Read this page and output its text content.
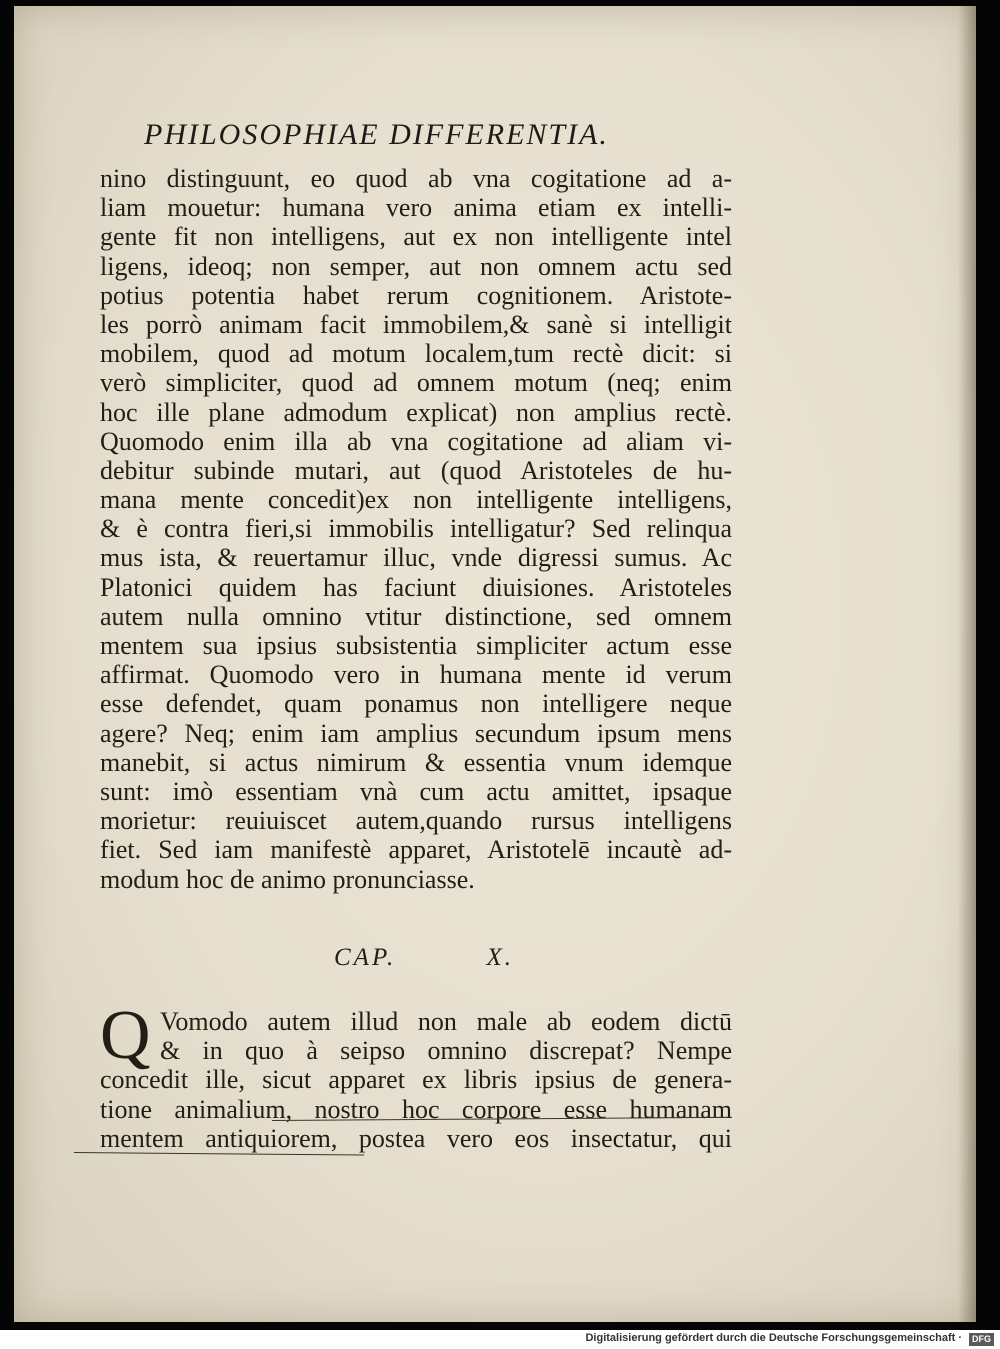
PHILOSOPHIAE DIFFERENTIA.
nino distinguunt, eo quod ab vna cogitatione ad a-
liam mouetur: humana vero anima etiam ex intelli-
gente fit non intelligens, aut ex non intelligente intel
ligens, ideoq; non semper, aut non omnem actu sed
potius potentia habet rerum cognitionem. Aristote-
les porrò animam facit immobilem,& sanè si intelligit
mobilem, quod ad motum localem,tum rectè dicit: si
verò simpliciter, quod ad omnem motum (neq; enim
hoc ille plane admodum explicat) non amplius rectè.
Quomodo enim illa ab vna cogitatione ad aliam vi-
debitur subinde mutari, aut (quod Aristoteles de hu-
mana mente concedit)ex non intelligente intelligens,
& è contra fieri,si immobilis intelligatur? Sed relinqua
mus ista, & reuertamur illuc, vnde digressi sumus. Ac
Platonici quidem has faciunt diuisiones. Aristoteles
autem nulla omnino vtitur distinctione, sed omnem
mentem sua ipsius subsistentia simpliciter actum esse
affirmat. Quomodo vero in humana mente id verum
esse defendet, quam ponamus non intelligere neque
agere? Neq; enim iam amplius secundum ipsum mens
manebit, si actus nimirum & essentia vnum idemque
sunt: imò essentiam vnà cum actu amittet, ipsaque
morietur: reuiuiscet autem,quando rursus intelligens
fiet. Sed iam manifestè apparet, Aristotelē incautè ad-
modum hoc de animo pronunciasse.
CAP.	X.
Q Vomodo autem illud non male ab eodem dictū
& in quo à seipso omnino discrepat? Nempe
concedit ille, sicut apparet ex libris ipsius de genera-
tione animalium, nostro hoc corpore esse humanam
mentem antiquiorem, postea vero eos insectatur, qui
Digitalisierung gefördert durch die Deutsche Forschungsgemeinschaft ·	DFG
